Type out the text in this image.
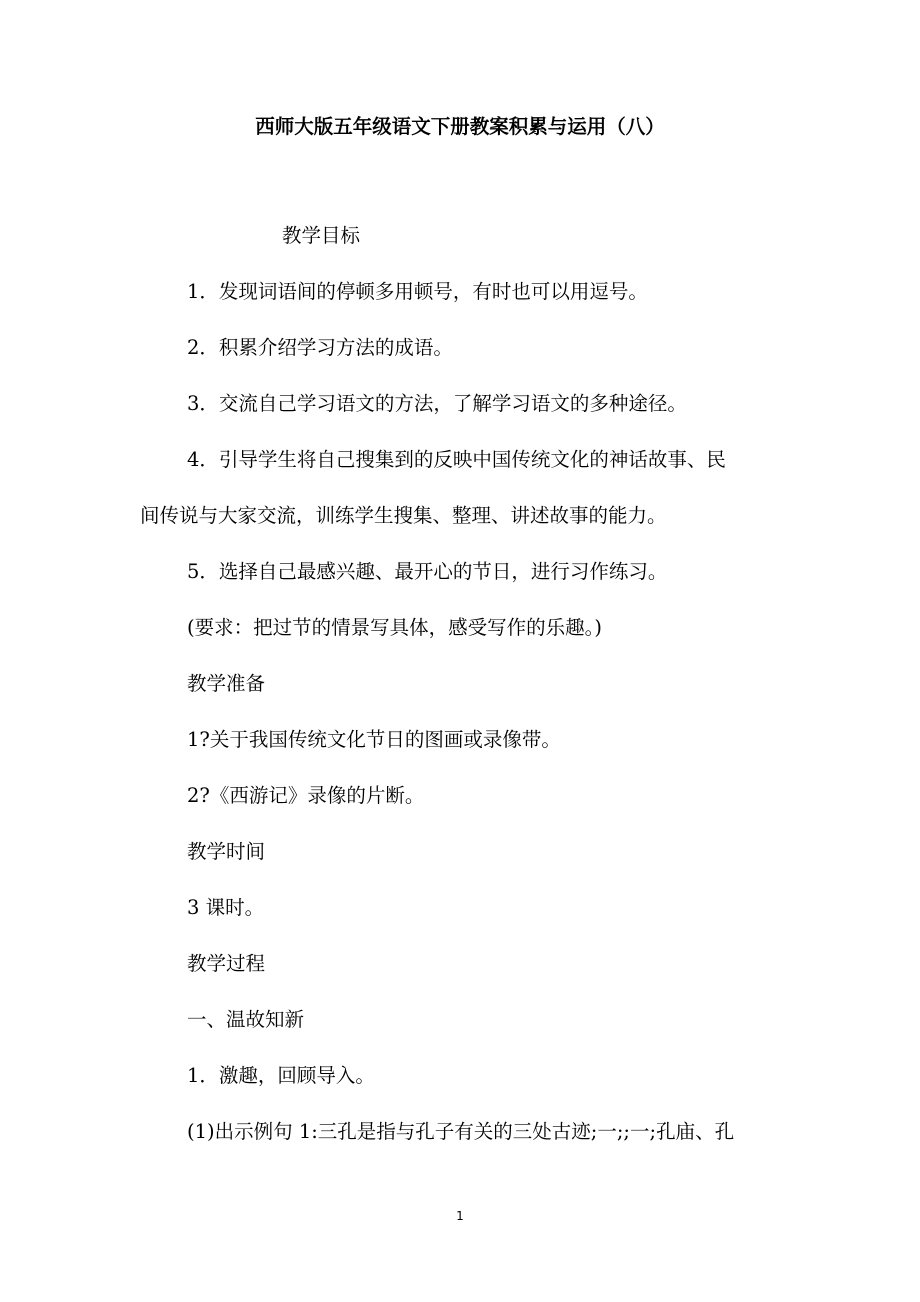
西师大版五年级语文下册教案积累与运用（八）
教学目标
1．发现词语间的停顿多用顿号，有时也可以用逗号。
2．积累介绍学习方法的成语。
3．交流自己学习语文的方法，了解学习语文的多种途径。
4．引导学生将自己搜集到的反映中国传统文化的神话故事、民
间传说与大家交流，训练学生搜集、整理、讲述故事的能力。
5．选择自己最感兴趣、最开心的节日，进行习作练习。
(要求：把过节的情景写具体，感受写作的乐趣。)
教学准备
1?关于我国传统文化节日的图画或录像带。
2?《西游记》录像的片断。
教学时间
3 课时。
教学过程
一、温故知新
1．激趣，回顾导入。
(1)出示例句 1:三孔是指与孔子有关的三处古迹;一;;一;孔庙、孔
1
